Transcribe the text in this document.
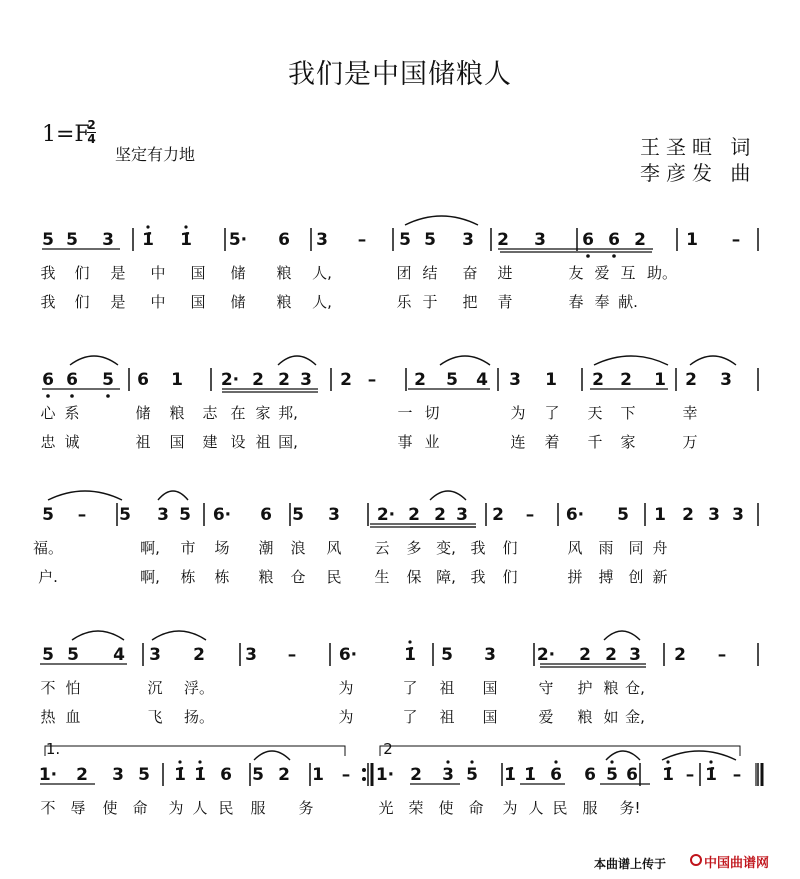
我们是中国储粮人
1=F
2
4
坚定有力地	王圣晅 词
李彦发 曲
5 5 3 1̇ 1̇ 5· 6 3 – 5 5 3 2 3 6 6 2 1 –
我 们 是 中 国 储 粮 人,	团 结 奋 进	友 爱 互 助。
我 们 是 中 国 储 粮 人,	乐 于 把 青	春 奉 献.
6 6 5 6 1 2· 2 2 3 2 – 2 5 4 3 1 2 2 1 2 3
心 系	储 粮 志 在 家 邦,	一 切	为 了 天 下	幸
忠 诚	祖 国 建 设 祖 国,	事 业	连 着 千 家	万
5 – 5 3 5 6· 6 5 3 2· 2 2 3 2 – 6· 5 1 2 3 3
福。	啊, 市 场 潮 浪 风 云 多 变, 我 们	风 雨 同 舟
户.	啊, 栋 栋 粮 仓 民 生 保 障, 我 们	拼 搏 创 新
5 5 4 3 2 3 –	6·	1̇ 5 3 2· 2 2 3 2 –
不 怕	沉 浮。	为	了 祖 国	守 护 粮 仓,
热 血	飞 扬。	为	了 祖 国	爱 粮 如 金,
1· 2 3 5 1̇ 1̇ 6 5 2 1 – 1· 2 3 5 1̇ 1̇ 6 6 5 6 1̇ – 1̇ –
不 辱 使 命 为 人 民 服 务	光 荣 使 命 为 人 民 服 务!
1.	2
本曲谱上传于	中国曲谱网
